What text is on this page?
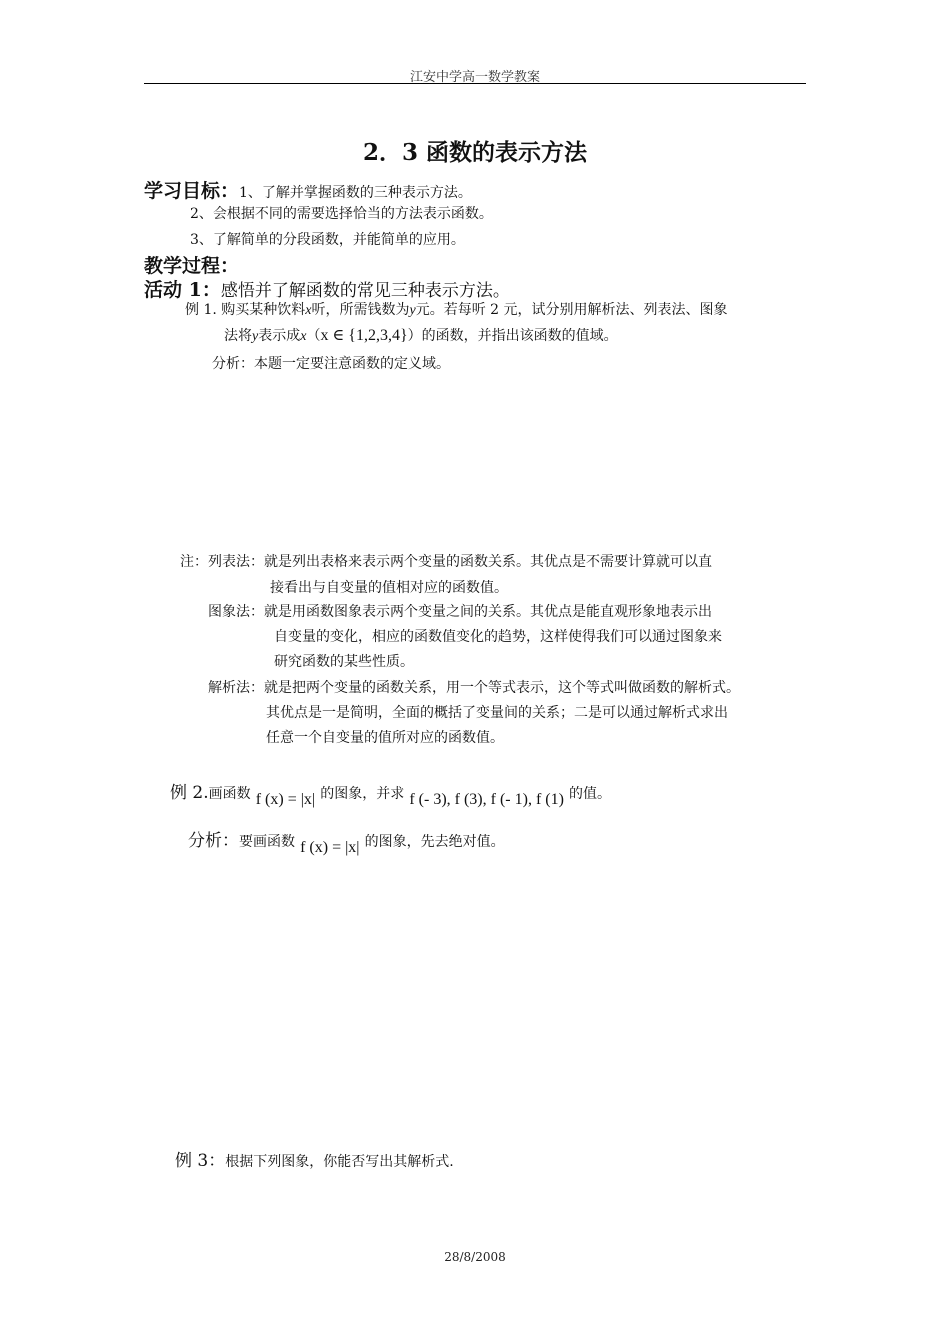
江安中学高一数学教案
2．3 函数的表示方法
学习目标：1、了解并掌握函数的三种表示方法。
2、会根据不同的需要选择恰当的方法表示函数。
3、了解简单的分段函数，并能简单的应用。
教学过程：
活动 1：感悟并了解函数的常见三种表示方法。
例 1. 购买某种饮料x听，所需钱数为y元。若每听 2 元，试分别用解析法、列表法、图象
法将y表示成x（x ∈ {1,2,3,4}）的函数，并指出该函数的值域。
分析：本题一定要注意函数的定义域。
注：列表法：就是列出表格来表示两个变量的函数关系。其优点是不需要计算就可以直
接看出与自变量的值相对应的函数值。
图象法：就是用函数图象表示两个变量之间的关系。其优点是能直观形象地表示出
自变量的变化，相应的函数值变化的趋势，这样使得我们可以通过图象来
研究函数的某些性质。
解析法：就是把两个变量的函数关系，用一个等式表示，这个等式叫做函数的解析式。
其优点是一是简明，全面的概括了变量间的关系；二是可以通过解析式求出
任意一个自变量的值所对应的函数值。
例 2.画函数 f (x) = |x| 的图象，并求 f (- 3), f (3), f (- 1), f (1) 的值。
分析：要画函数 f (x) = |x| 的图象，先去绝对值。
例 3：根据下列图象，你能否写出其解析式.
28/8/2008
